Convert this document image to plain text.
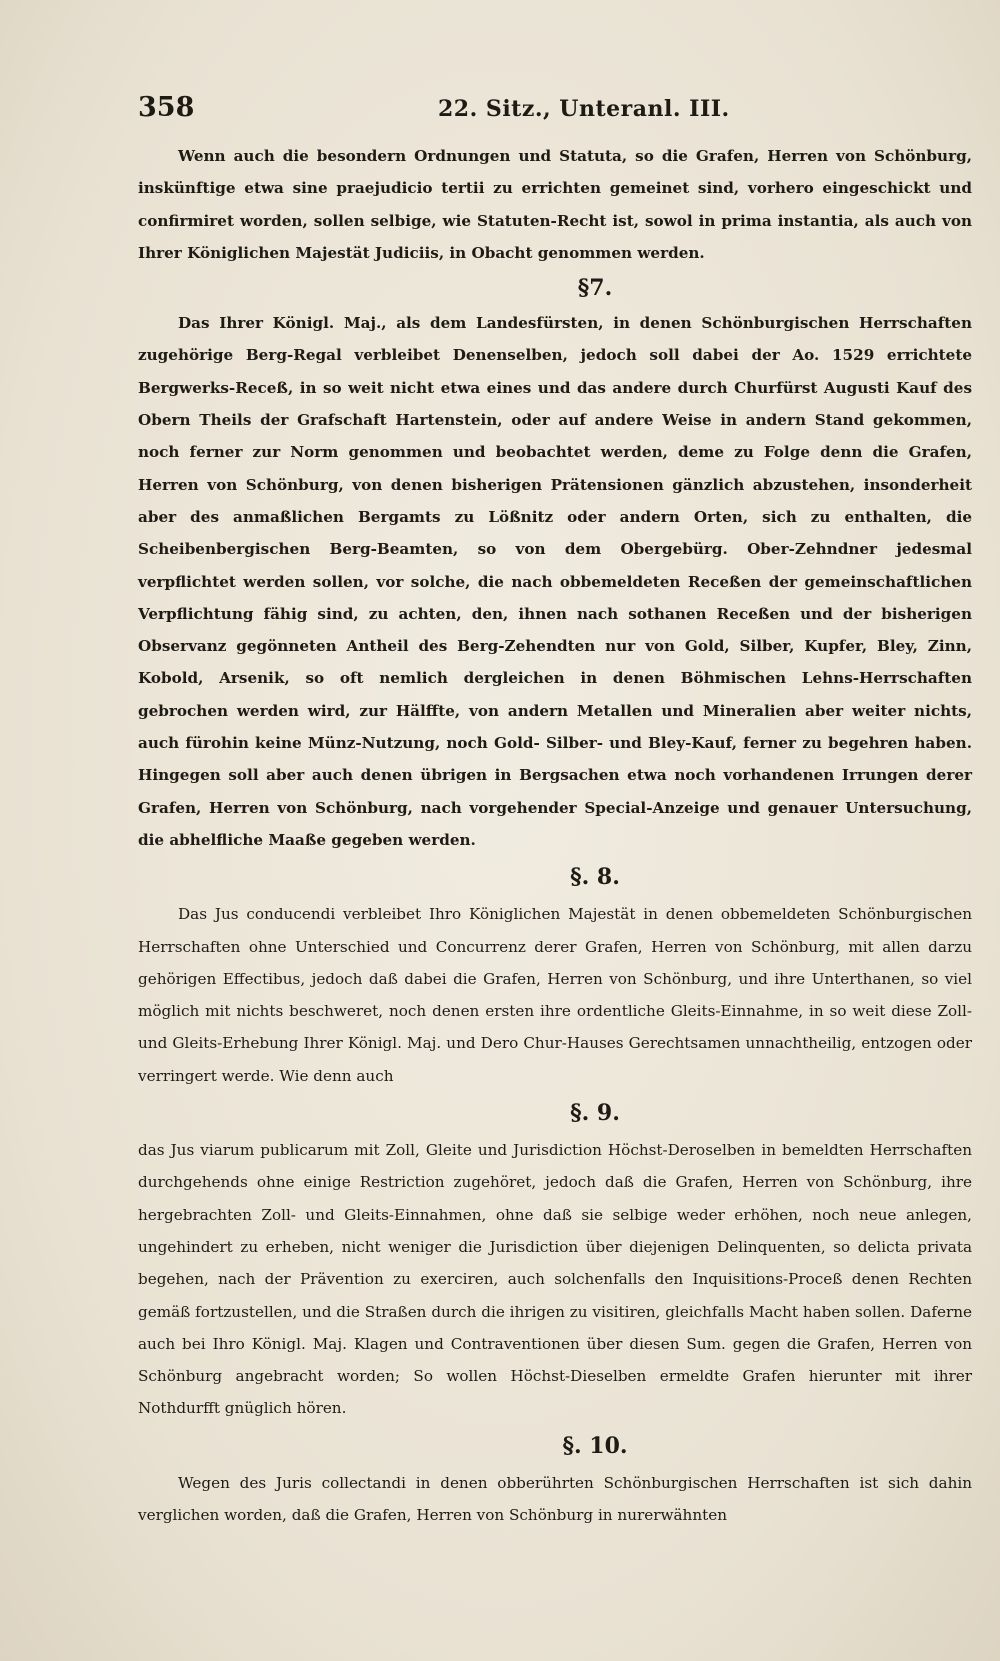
358	22. Sitz., Unteranl. III.

Wenn auch die besondern Ordnungen und Statuta, so die Grafen, Herren von Schönburg, inskünftige etwa sine praejudicio tertii zu errichten gemeinet sind, vorhero eingeschickt und confirmiret worden, sollen selbige, wie Statuten-Recht ist, sowol in prima instantia, als auch von Ihrer Königlichen Majestät Judiciis, in Obacht genommen werden.

§7.

Das Ihrer Königl. Maj., als dem Landesfürsten, in denen Schönburgischen Herrschaften zugehörige Berg-Regal verbleibet Denenselben, jedoch soll dabei der Ao. 1529 errichtete Bergwerks-Receß, in so weit nicht etwa eines und das andere durch Churfürst Augusti Kauf des Obern Theils der Grafschaft Hartenstein, oder auf andere Weise in andern Stand gekommen, noch ferner zur Norm genommen und beobachtet werden, deme zu Folge denn die Grafen, Herren von Schönburg, von denen bisherigen Prätensionen gänzlich abzustehen, insonderheit aber des anmaßlichen Bergamts zu Lößnitz oder andern Orten, sich zu enthalten, die Scheibenbergischen Berg-Beamten, so von dem Obergebürg. Ober-Zehndner jedesmal verpflichtet werden sollen, vor solche, die nach obbemeldeten Receßen der gemeinschaftlichen Verpflichtung fähig sind, zu achten, den, ihnen nach sothanen Receßen und der bisherigen Observanz gegönneten Antheil des Berg-Zehendten nur von Gold, Silber, Kupfer, Bley, Zinn, Kobold, Arsenik, so oft nemlich dergleichen in denen Böhmischen Lehns-Herrschaften gebrochen werden wird, zur Hälffte, von andern Metallen und Mineralien aber weiter nichts, auch fürohin keine Münz-Nutzung, noch Gold- Silber- und Bley-Kauf, ferner zu begehren haben. Hingegen soll aber auch denen übrigen in Bergsachen etwa noch vorhandenen Irrungen derer Grafen, Herren von Schönburg, nach vorgehender Special-Anzeige und genauer Untersuchung, die abhelfliche Maaße gegeben werden.

§. 8.

Das Jus conducendi verbleibet Ihro Königlichen Majestät in denen obbemeldeten Schönburgischen Herrschaften ohne Unterschied und Concurrenz derer Grafen, Herren von Schönburg, mit allen darzu gehörigen Effectibus, jedoch daß dabei die Grafen, Herren von Schönburg, und ihre Unterthanen, so viel möglich mit nichts beschweret, noch denen ersten ihre ordentliche Gleits-Einnahme, in so weit diese Zoll- und Gleits-Erhebung Ihrer Königl. Maj. und Dero Chur-Hauses Gerechtsamen unnachtheilig, entzogen oder verringert werde. Wie denn auch

§. 9.

das Jus viarum publicarum mit Zoll, Gleite und Jurisdiction Höchst-Deroselben in bemeldten Herrschaften durchgehends ohne einige Restriction zugehöret, jedoch daß die Grafen, Herren von Schönburg, ihre hergebrachten Zoll- und Gleits-Einnahmen, ohne daß sie selbige weder erhöhen, noch neue anlegen, ungehindert zu erheben, nicht weniger die Jurisdiction über diejenigen Delinquenten, so delicta privata begehen, nach der Prävention zu exerciren, auch solchenfalls den Inquisitions-Proceß denen Rechten gemäß fortzustellen, und die Straßen durch die ihrigen zu visitiren, gleichfalls Macht haben sollen. Daferne auch bei Ihro Königl. Maj. Klagen und Contraventionen über diesen Sum. gegen die Grafen, Herren von Schönburg angebracht worden; So wollen Höchst-Dieselben ermeldte Grafen hierunter mit ihrer Nothdurfft gnüglich hören.

§. 10.

Wegen des Juris collectandi in denen obberührten Schönburgischen Herrschaften ist sich dahin verglichen worden, daß die Grafen, Herren von Schönburg in nurerwähnten
